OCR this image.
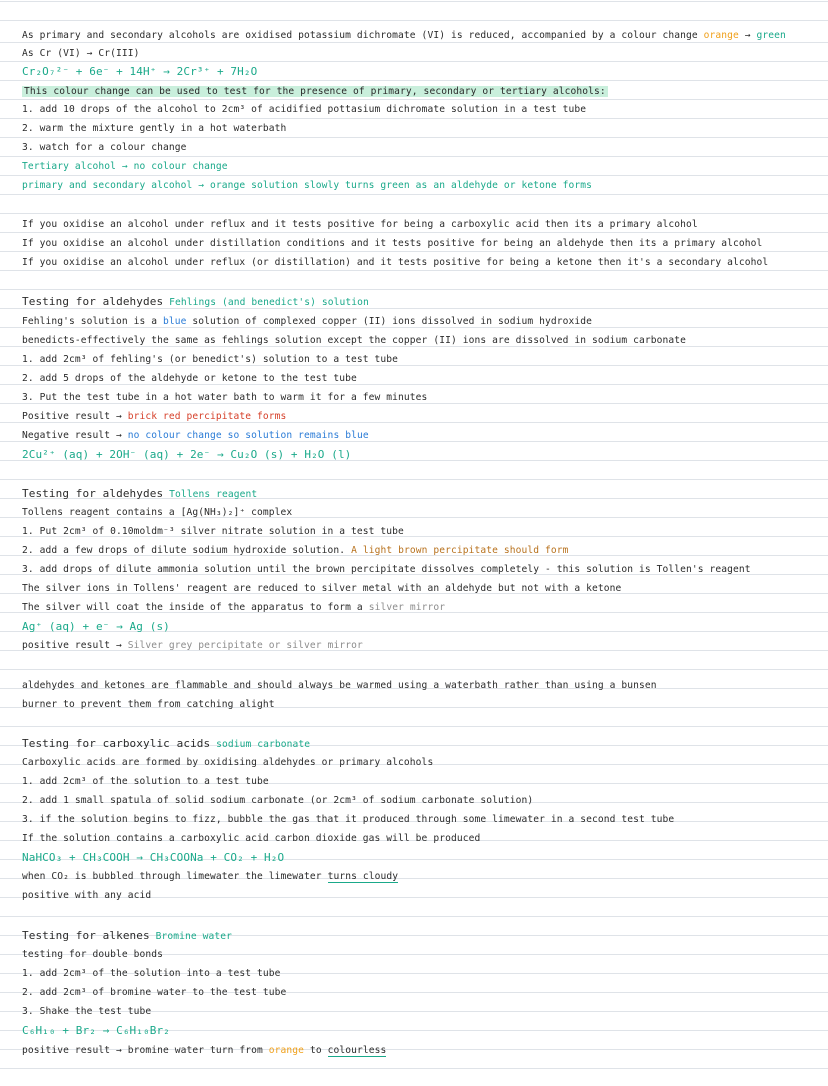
As primary and secondary alcohols are oxidised potassium dichromate (VI) is reduced, accompanied by a colour change orange → green
As Cr (VI) → Cr(III)
Cr₂O₇²⁻ + 6e⁻ + 14H⁺ → 2Cr³⁺ + 7H₂O
This colour change can be used to test for the presence of primary, secondary or tertiary alcohols:
1. add 10 drops of the alcohol to 2cm³ of acidified pottasium dichromate solution in a test tube
2. warm the mixture gently in a hot waterbath
3. watch for a colour change
Tertiary alcohol → no colour change
primary and secondary alcohol → orange solution slowly turns green as an aldehyde or ketone forms
If you oxidise an alcohol under reflux and it tests positive for being a carboxylic acid then its a primary alcohol
If you oxidise an alcohol under distillation conditions and it tests positive for being an aldehyde then its a primary alcohol
If you oxidise an alcohol under reflux (or distillation) and it tests positive for being a ketone then it's a secondary alcohol
Testing for aldehydes Fehlings (and benedict's) solution
Fehling's solution is a blue solution of complexed copper (II) ions dissolved in sodium hydroxide
benedicts-effectively the same as fehlings solution except the copper (II) ions are dissolved in sodium carbonate
1. add 2cm³ of fehling's (or benedict's) solution to a test tube
2. add 5 drops of the aldehyde or ketone to the test tube
3. Put the test tube in a hot water bath to warm it for a few minutes
Positive result → brick red percipitate forms
Negative result → no colour change so solution remains blue
2Cu²⁺ (aq) + 2OH⁻ (aq) + 2e⁻ → Cu₂O (s) + H₂O (l)
Testing for aldehydes Tollens reagent
Tollens reagent contains a [Ag(NH₃)₂]⁺ complex
1. Put 2cm³ of 0.10moldm⁻³ silver nitrate solution in a test tube
2. add a few drops of dilute sodium hydroxide solution. A light brown percipitate should form
3. add drops of dilute ammonia solution until the brown percipitate dissolves completely - this solution is Tollen's reagent
The silver ions in Tollens' reagent are reduced to silver metal with an aldehyde but not with a ketone
The silver will coat the inside of the apparatus to form a silver mirror
Ag⁺ (aq) + e⁻ → Ag (s)
positive result → Silver grey percipitate or silver mirror
aldehydes and ketones are flammable and should always be warmed using a waterbath rather than using a bunsen
burner to prevent them from catching alight
Testing for carboxylic acids sodium carbonate
Carboxylic acids are formed by oxidising aldehydes or primary alcohols
1. add 2cm³ of the solution to a test tube
2. add 1 small spatula of solid sodium carbonate (or 2cm³ of sodium carbonate solution)
3. if the solution begins to fizz, bubble the gas that it produced through some limewater in a second test tube
If the solution contains a carboxylic acid carbon dioxide gas will be produced
NaHCO₃ + CH₃COOH → CH₃COONa + CO₂ + H₂O
when CO₂ is bubbled through limewater the limewater turns cloudy
positive with any acid
Testing for alkenes Bromine water
testing for double bonds
1. add 2cm³ of the solution into a test tube
2. add 2cm³ of bromine water to the test tube
3. Shake the test tube
C₆H₁₀ + Br₂ → C₆H₁₀Br₂
positive result → bromine water turn from orange to colourless
